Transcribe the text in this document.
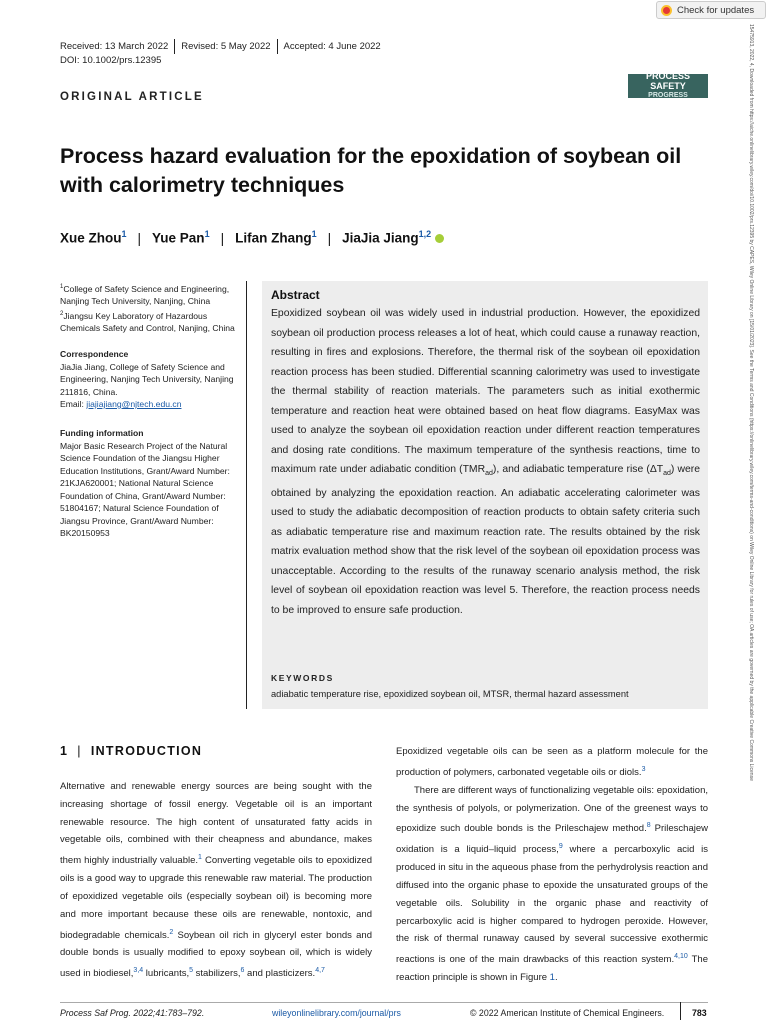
Check for updates
Received: 13 March 2022 Revised: 5 May 2022 Accepted: 4 June 2022
DOI: 10.1002/prs.12395
ORIGINAL ARTICLE
PROCESS SAFETY
PROGRESS
Process hazard evaluation for the epoxidation of soybean oil with calorimetry techniques
Xue Zhou$^1$ | Yue Pan$^1$ | Lifan Zhang$^1$ | JiaJia Jiang$^{1,2}$
$^1$College of Safety Science and Engineering, Nanjing Tech University, Nanjing, China
$^2$Jiangsu Key Laboratory of Hazardous Chemicals Safety and Control, Nanjing, China
Correspondence
JiaJia Jiang, College of Safety Science and Engineering, Nanjing Tech University, Nanjing 211816, China.
Email: jiajiajiang@njtech.edu.cn
Funding information
Major Basic Research Project of the Natural Science Foundation of the Jiangsu Higher Education Institutions, Grant/Award Number: 21KJA620001; National Natural Science Foundation of China, Grant/Award Number: 51804167; Natural Science Foundation of Jiangsu Province, Grant/Award Number: BK20150953
Abstract
Epoxidized soybean oil was widely used in industrial production. However, the epoxidized soybean oil production process releases a lot of heat, which could cause a runaway reaction, resulting in fires and explosions. Therefore, the thermal risk of the soybean oil epoxidation reaction process has been studied. Differential scanning calorimetry was used to investigate the thermal stability of reaction materials. The parameters such as initial exothermic temperature and reaction heat were obtained based on heat flow diagrams. EasyMax was used to analyze the soybean oil epoxidation reaction under different reaction temperatures and dosing rate conditions. The maximum temperature of the synthesis reactions, time to maximum rate under adiabatic condition $(TMR_{ad})$, and adiabatic temperature rise $(\Delta T_{ad})$ were obtained by analyzing the epoxidation reaction. An adiabatic accelerating calorimeter was used to study the adiabatic decomposition of reaction products to obtain safety criteria such as adiabatic temperature rise and maximum reaction rate. The results obtained by the risk matrix evaluation method show that the risk level of the soybean oil epoxidation process was unacceptable. According to the results of the runaway scenario analysis method, the risk level of soybean oil epoxidation reaction was level 5. Therefore, the reaction process needs to be improved to ensure safe production.
KEYWORDS
adiabatic temperature rise, epoxidized soybean oil, MTSR, thermal hazard assessment
1 | INTRODUCTION
Alternative and renewable energy sources are being sought with the increasing shortage of fossil energy. Vegetable oil is an important renewable resource. The high content of unsaturated fatty acids in vegetable oils, combined with their cheapness and abundance, makes them highly industrially valuable.$^1$ Converting vegetable oils to epoxidized oils is a good way to upgrade this renewable raw material. The production of epoxidized vegetable oils (especially soybean oil) is becoming more and more important because these oils are renewable, nontoxic, and biodegradable chemicals.$^2$ Soybean oil rich in glyceryl ester bonds and double bonds is usually modified to epoxy soybean oil, which is widely used in biodiesel,$^{3,4}$ lubricants,$^5$ stabilizers,$^6$ and plasticizers.$^{4,7}$
Epoxidized vegetable oils can be seen as a platform molecule for the production of polymers, carbonated vegetable oils or diols.$^3$
There are different ways of functionalizing vegetable oils: epoxidation, the synthesis of polyols, or polymerization. One of the greenest ways to epoxidize such double bonds is the Prileschajew method.$^8$ Prileschajew oxidation is a liquid–liquid process,$^9$ where a percarboxylic acid is produced in situ in the aqueous phase from the perhydrolysis reaction and diffused into the organic phase to epoxide the unsaturated groups of the vegetable oils. Solubility in the organic phase and reactivity of percarboxylic acid is higher compared to hydrogen peroxide. However, the risk of thermal runaway caused by several successive exothermic reactions is one of the main drawbacks of this reaction system.$^{4,10}$ The reaction principle is shown in Figure 1.
Process Saf Prog. 2022;41:783–792.	wileyonlinelibrary.com/journal/prs	© 2022 American Institute of Chemical Engineers.	783
15475913, 2022, 4, Downloaded from https://aiche.onlinelibrary.wiley.com/doi/10.1002/prs.12395 by CAPES, Wiley Online Library on [15/01/2023]. See the Terms and Conditions (https://onlinelibrary.wiley.com/terms-and-conditions) on Wiley Online Library for rules of use; OA articles are governed by the applicable Creative Commons License
